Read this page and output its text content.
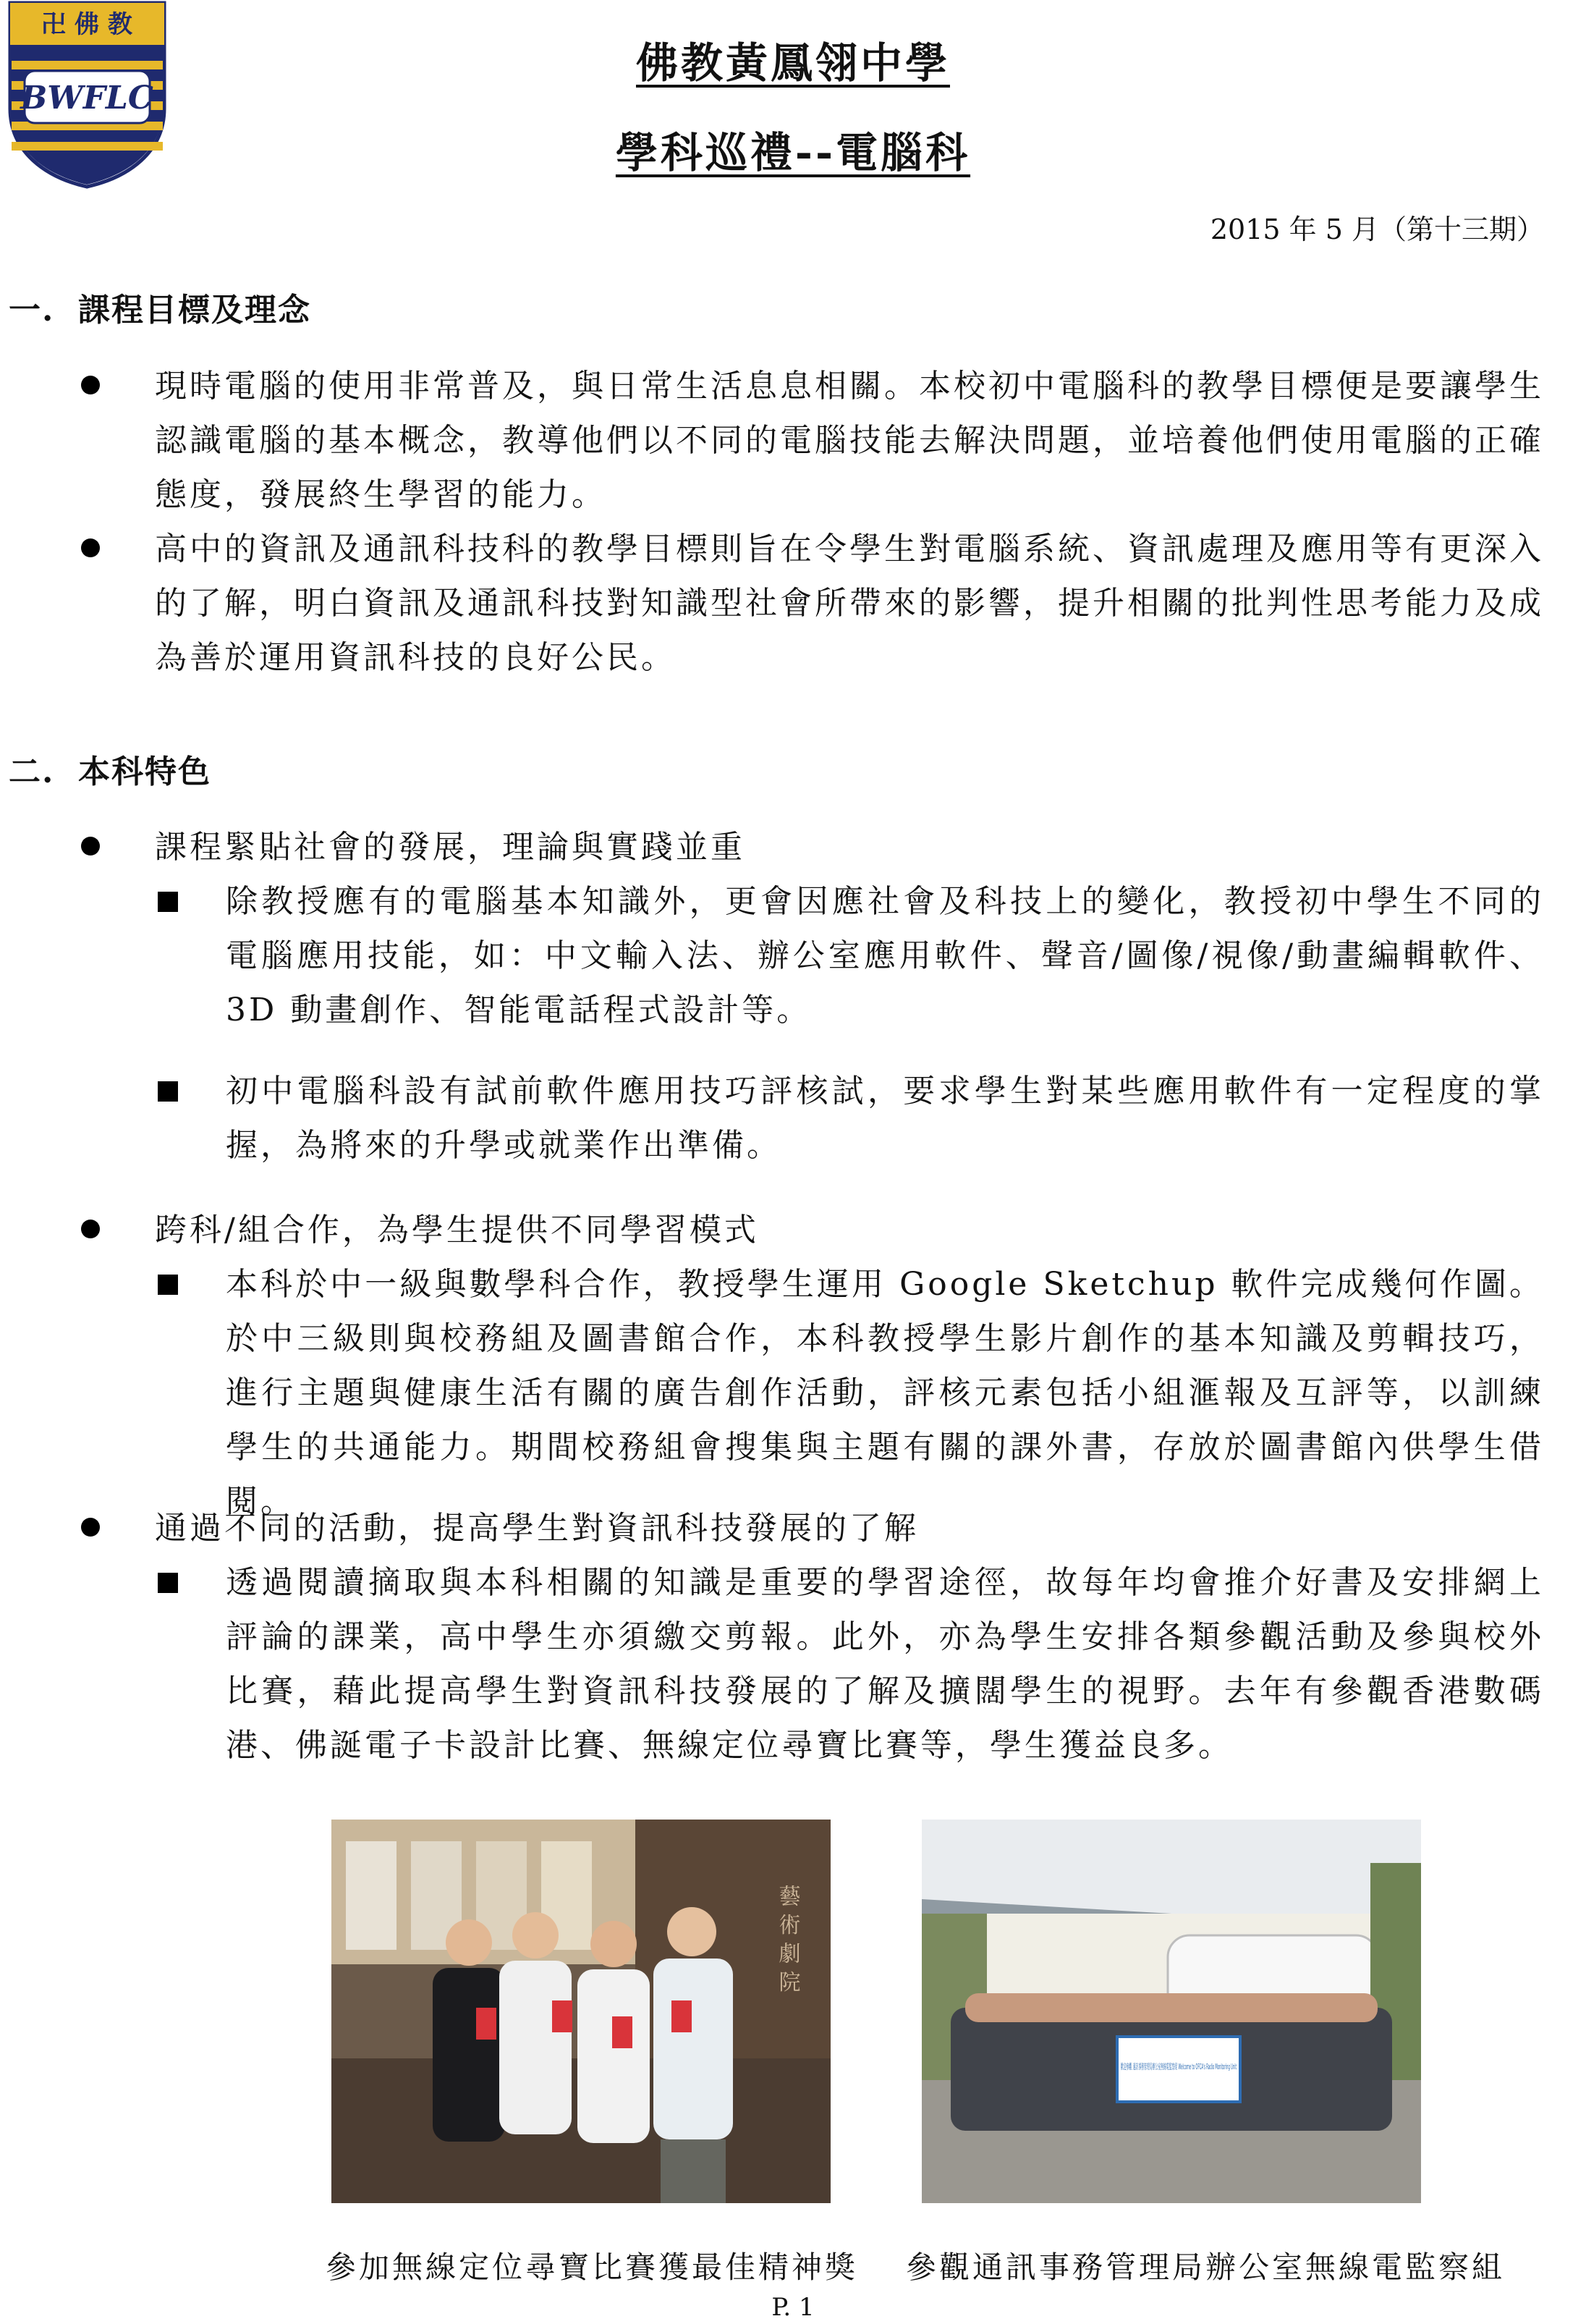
卍 佛 教
BWFLC
佛教黃鳳翎中學
學科巡禮--電腦科
2015 年 5 月（第十三期）
一. 課程目標及理念
現時電腦的使用非常普及，與日常生活息息相關。本校初中電腦科的教學目標便是要讓學生認識電腦的基本概念，教導他們以不同的電腦技能去解決問題，並培養他們使用電腦的正確態度，發展終生學習的能力。
高中的資訊及通訊科技科的教學目標則旨在令學生對電腦系統、資訊處理及應用等有更深入的了解，明白資訊及通訊科技對知識型社會所帶來的影響，提升相關的批判性思考能力及成為善於運用資訊科技的良好公民。
二. 本科特色
課程緊貼社會的發展，理論與實踐並重
除教授應有的電腦基本知識外，更會因應社會及科技上的變化，教授初中學生不同的電腦應用技能，如：中文輸入法、辦公室應用軟件、聲音/圖像/視像/動畫編輯軟件、3D 動畫創作、智能電話程式設計等。
初中電腦科設有試前軟件應用技巧評核試，要求學生對某些應用軟件有一定程度的掌握，為將來的升學或就業作出準備。
跨科/組合作，為學生提供不同學習模式
本科於中一級與數學科合作，教授學生運用 Google Sketchup 軟件完成幾何作圖。於中三級則與校務組及圖書館合作，本科教授學生影片創作的基本知識及剪輯技巧，進行主題與健康生活有關的廣告創作活動，評核元素包括小組滙報及互評等，以訓練學生的共通能力。期間校務組會搜集與主題有關的課外書，存放於圖書館內供學生借閱。
通過不同的活動，提高學生對資訊科技發展的了解
透過閱讀摘取與本科相關的知識是重要的學習途徑，故每年均會推介好書及安排網上評論的課業，高中學生亦須繳交剪報。此外，亦為學生安排各類參觀活動及參與校外比賽，藉此提高學生對資訊科技發展的了解及擴闊學生的視野。去年有參觀香港數碼港、佛誕電子卡設計比賽、無線定位尋寶比賽等，學生獲益良多。
藝 術 劇 院
參加無線定位尋寶比賽獲最佳精神獎 參觀通訊事務管理局辦公室無線電監察組
P. 1
